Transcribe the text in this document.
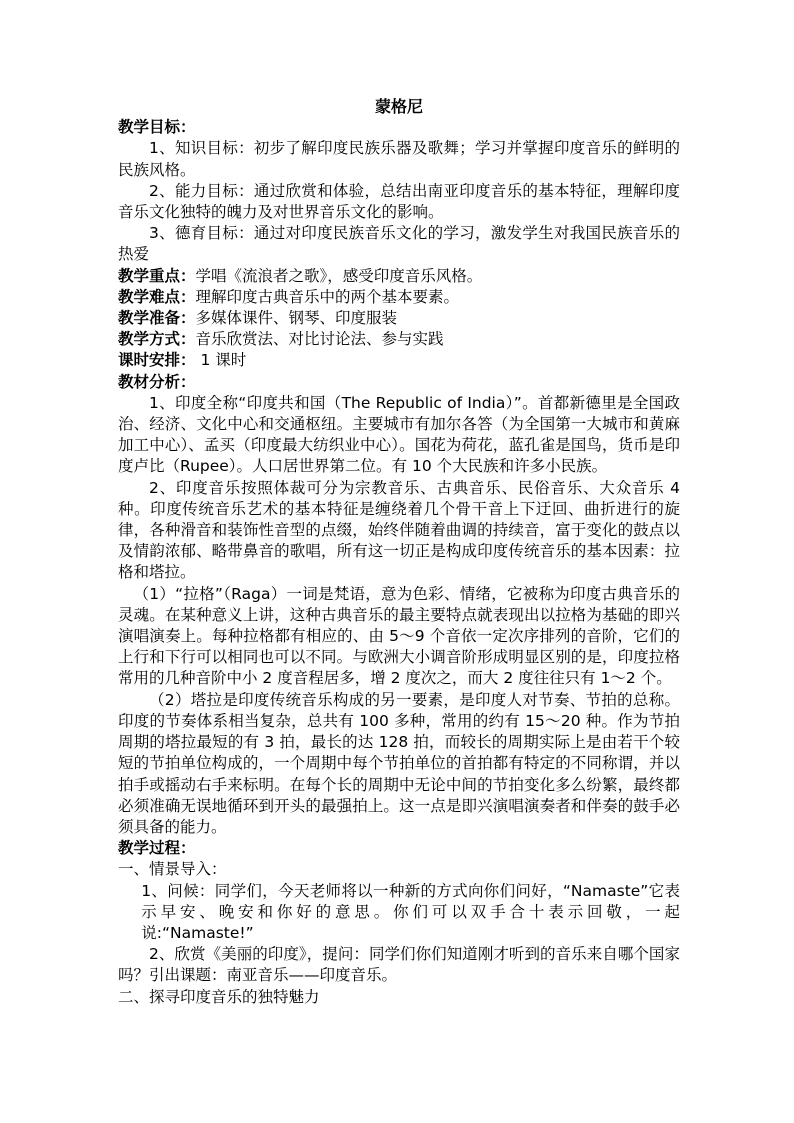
蒙格尼

教学目标：

1、知识目标：初步了解印度民族乐器及歌舞；学习并掌握印度音乐的鲜明的民族风格。

2、能力目标：通过欣赏和体验，总结出南亚印度音乐的基本特征，理解印度音乐文化独特的魄力及对世界音乐文化的影响。

3、德育目标：通过对印度民族音乐文化的学习，激发学生对我国民族音乐的热爱

教学重点：学唱《流浪者之歌》，感受印度音乐风格。

教学难点：理解印度古典音乐中的两个基本要素。

教学准备：多媒体课件、钢琴、印度服装

教学方式：音乐欣赏法、对比讨论法、参与实践

课时安排： 1 课时

教材分析：

1、印度全称“印度共和国（The Republic of India）”。首都新德里是全国政治、经济、文化中心和交通枢纽。主要城市有加尔各答（为全国第一大城市和黄麻加工中心）、孟买（印度最大纺织业中心）。国花为荷花，蓝孔雀是国鸟，货币是印度卢比（Rupee）。人口居世界第二位。有 10 个大民族和许多小民族。

2、印度音乐按照体裁可分为宗教音乐、古典音乐、民俗音乐、大众音乐 4 种。印度传统音乐艺术的基本特征是缠绕着几个骨干音上下迂回、曲折进行的旋律，各种滑音和装饰性音型的点缀，始终伴随着曲调的持续音，富于变化的鼓点以及情韵浓郁、略带鼻音的歌唱，所有这一切正是构成印度传统音乐的基本因素：拉格和塔拉。

（1）“拉格”（Raga）一词是梵语，意为色彩、情绪，它被称为印度古典音乐的灵魂。在某种意义上讲，这种古典音乐的最主要特点就表现出以拉格为基础的即兴演唱演奏上。每种拉格都有相应的、由 5～9 个音依一定次序排列的音阶，它们的上行和下行可以相同也可以不同。与欧洲大小调音阶形成明显区别的是，印度拉格常用的几种音阶中小 2 度音程居多，增 2 度次之，而大 2 度往往只有 1～2 个。

（2）塔拉是印度传统音乐构成的另一要素，是印度人对节奏、节拍的总称。印度的节奏体系相当复杂，总共有 100 多种，常用的约有 15～20 种。作为节拍周期的塔拉最短的有 3 拍，最长的达 128 拍，而较长的周期实际上是由若干个较短的节拍单位构成的，一个周期中每个节拍单位的首拍都有特定的不同称谓，并以拍手或摇动右手来标明。在每个长的周期中无论中间的节拍变化多么纷繁，最终都必须准确无误地循环到开头的最强拍上。这一点是即兴演唱演奏者和伴奏的鼓手必须具备的能力。

教学过程：

一、情景导入：

1、问候：同学们，今天老师将以一种新的方式向你们问好，“Namaste”它表示早安、晚安和你好的意思。你们可以双手合十表示回敬，一起说:“Namaste!”

2、欣赏《美丽的印度》，提问：同学们你们知道刚才听到的音乐来自哪个国家吗？引出课题：南亚音乐——印度音乐。

二、探寻印度音乐的独特魅力
